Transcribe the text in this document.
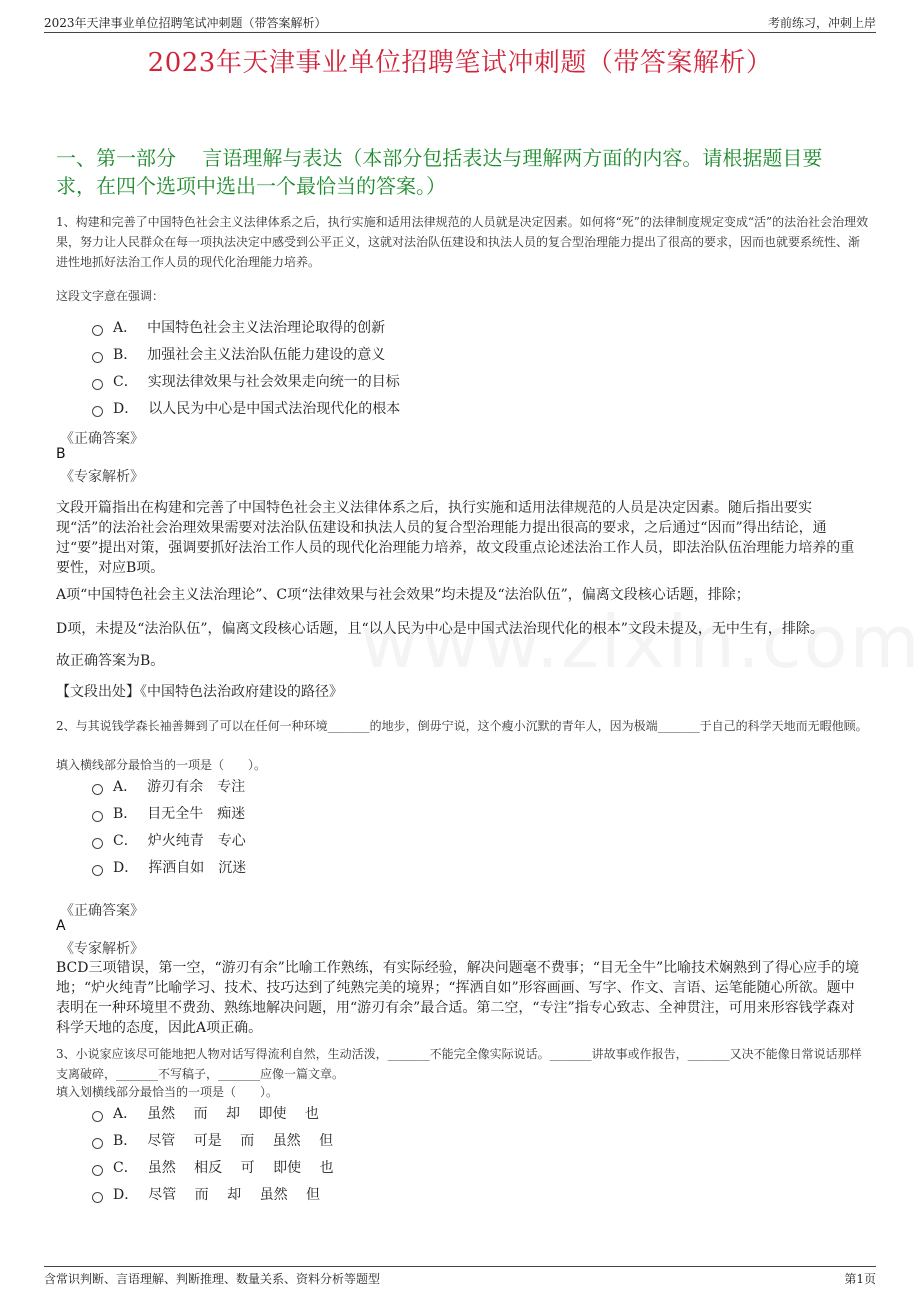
2023年天津事业单位招聘笔试冲刺题（带答案解析）	考前练习，冲刺上岸
2023年天津事业单位招聘笔试冲刺题（带答案解析）
一、第一部分　 言语理解与表达（本部分包括表达与理解两方面的内容。请根据题目要求，在四个选项中选出一个最恰当的答案。）
1、构建和完善了中国特色社会主义法律体系之后，执行实施和适用法律规范的人员就是决定因素。如何将“死”的法律制度规定变成“活”的法治社会治理效果，努力让人民群众在每一项执法决定中感受到公平正义，这就对法治队伍建设和执法人员的复合型治理能力提出了很高的要求，因而也就要系统性、渐进性地抓好法治工作人员的现代化治理能力培养。
这段文字意在强调：
A． 中国特色社会主义法治理论取得的创新
B． 加强社会主义法治队伍能力建设的意义
C． 实现法律效果与社会效果走向统一的目标
D． 以人民为中心是中国式法治现代化的根本
《正确答案》
B
《专家解析》
文段开篇指出在构建和完善了中国特色社会主义法律体系之后，执行实施和适用法律规范的人员是决定因素。随后指出要实现“活”的法治社会治理效果需要对法治队伍建设和执法人员的复合型治理能力提出很高的要求，之后通过“因而”得出结论，通过“要”提出对策，强调要抓好法治工作人员的现代化治理能力培养，故文段重点论述法治工作人员，即法治队伍治理能力培养的重要性，对应B项。
A项“中国特色社会主义法治理论”、C项“法律效果与社会效果”均未提及“法治队伍”，偏离文段核心话题，排除；
D项，未提及“法治队伍”，偏离文段核心话题，且“以人民为中心是中国式法治现代化的根本”文段未提及，无中生有，排除。
故正确答案为B。
【文段出处】《中国特色法治政府建设的路径》
2、与其说钱学森长袖善舞到了可以在任何一种环境_______的地步，倒毋宁说，这个瘦小沉默的青年人，因为极端_______于自己的科学天地而无暇他顾。
填入横线部分最恰当的一项是（　　）。
A． 游刃有余　专注
B． 目无全牛　痴迷
C． 炉火纯青　专心
D． 挥洒自如　沉迷
《正确答案》
A
《专家解析》
BCD三项错误，第一空，“游刃有余”比喻工作熟练，有实际经验，解决问题毫不费事；“目无全牛”比喻技术娴熟到了得心应手的境地；“炉火纯青”比喻学习、技术、技巧达到了纯熟完美的境界；“挥洒自如”形容画画、写字、作文、言语、运笔能随心所欲。题中表明在一种环境里不费劲、熟练地解决问题，用“游刃有余”最合适。第二空，“专注”指专心致志、全神贯注，可用来形容钱学森对科学天地的态度，因此A项正确。
3、小说家应该尽可能地把人物对话写得流利自然，生动活泼，_______不能完全像实际说话。_______讲故事或作报告，_______又决不能像日常说话那样支离破碎，_______不写稿子，_______应像一篇文章。
填入划横线部分最恰当的一项是（　　）。
A． 虽然　 而　 却　 即使　 也
B． 尽管　 可是　 而　 虽然　 但
C． 虽然　 相反　 可　 即使　 也
D． 尽管　 而　 却　 虽然　 但
含常识判断、言语理解、判断推理、数量关系、资料分析等题型	第1页
